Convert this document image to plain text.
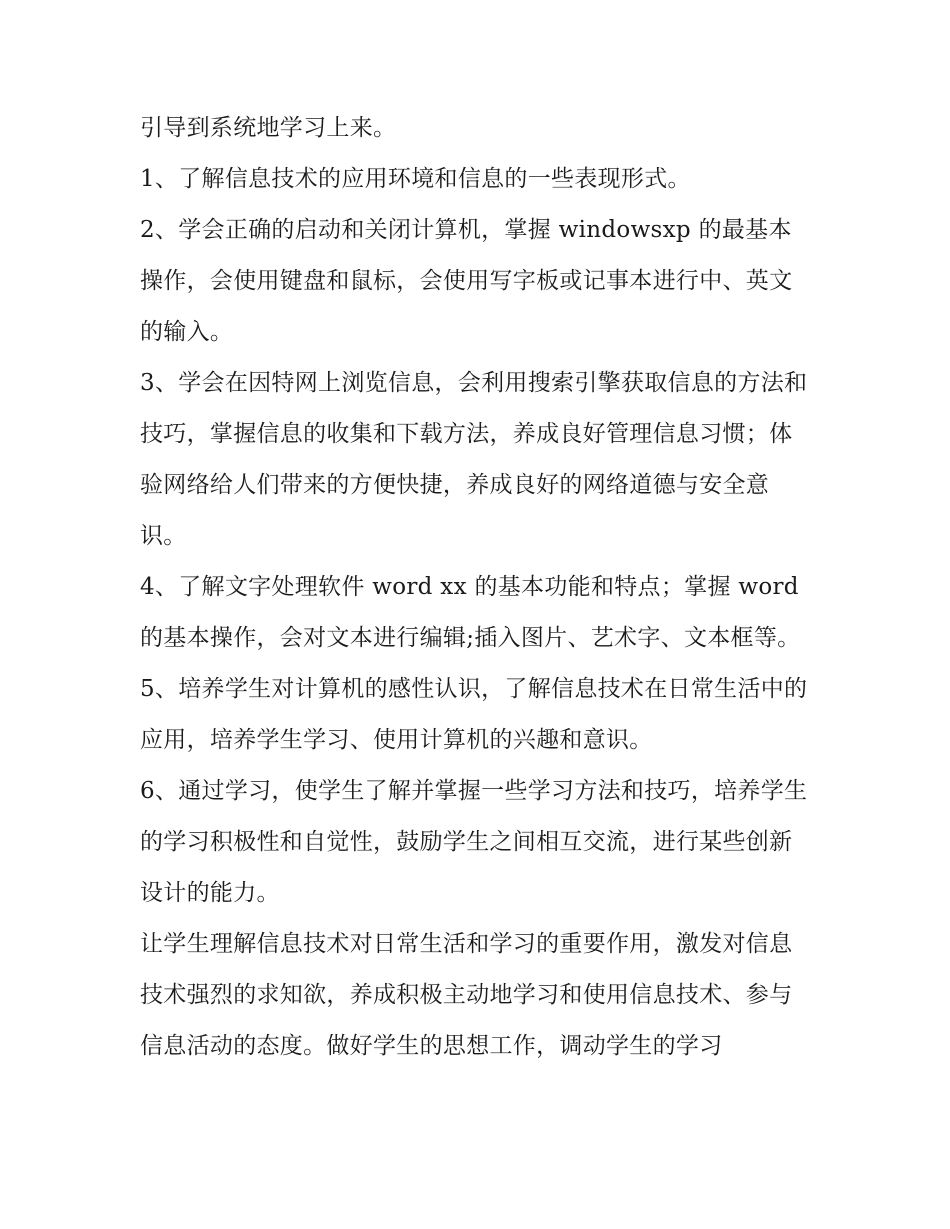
引导到系统地学习上来。

1、了解信息技术的应用环境和信息的一些表现形式。

2、学会正确的启动和关闭计算机，掌握 windowsxp 的最基本操作，会使用键盘和鼠标，会使用写字板或记事本进行中、英文的输入。

3、学会在因特网上浏览信息，会利用搜索引擎获取信息的方法和技巧，掌握信息的收集和下载方法，养成良好管理信息习惯；体验网络给人们带来的方便快捷，养成良好的网络道德与安全意识。

4、了解文字处理软件 word xx 的基本功能和特点；掌握 word 的基本操作，会对文本进行编辑;插入图片、艺术字、文本框等。

5、培养学生对计算机的感性认识，了解信息技术在日常生活中的应用，培养学生学习、使用计算机的兴趣和意识。

6、通过学习，使学生了解并掌握一些学习方法和技巧，培养学生的学习积极性和自觉性，鼓励学生之间相互交流，进行某些创新设计的能力。

让学生理解信息技术对日常生活和学习的重要作用，激发对信息技术强烈的求知欲，养成积极主动地学习和使用信息技术、参与信息活动的态度。做好学生的思想工作，调动学生的学习
